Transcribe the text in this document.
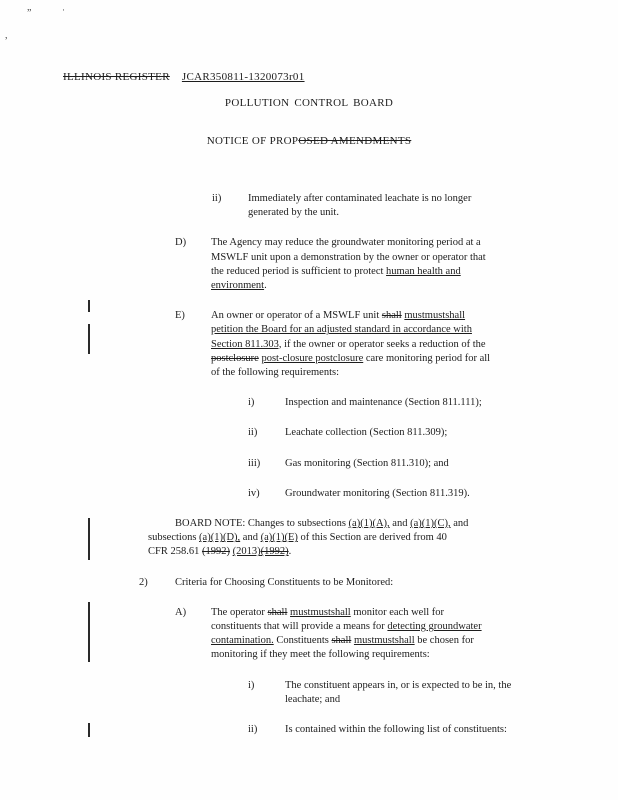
”	·
,
ILLINOIS REGISTER JCAR350811-1320073r01
POLLUTION CONTROL BOARD
NOTICE OF PROPOSED AMENDMENTS
ii)	Immediately after contaminated leachate is no longer
generated by the unit.
D) The Agency may reduce the groundwater monitoring period at a
MSWLF unit upon a demonstration by the owner or operator that
the reduced period is sufficient to protect human health and
environment.
E) An owner or operator of a MSWLF unit shall mustmustshall
petition the Board for an adjusted standard in accordance with
Section 811.303, if the owner or operator seeks a reduction of the
postclosure post-closure postclosure care monitoring period for all
of the following requirements:
i)	Inspection and maintenance (Section 811.111);
ii)	Leachate collection (Section 811.309);
iii) Gas monitoring (Section 811.310); and
iv) Groundwater monitoring (Section 811.319).
BOARD NOTE: Changes to subsections (a)(1)(A), and (a)(1)(C), and
subsections (a)(1)(D), and (a)(1)(E) of this Section are derived from 40
CFR 258.61 (1992) (2013)(1992).
2)	Criteria for Choosing Constituents to be Monitored:
A) The operator shall mustmustshall monitor each well for
constituents that will provide a means for detecting groundwater
contamination. Constituents shall mustmustshall be chosen for
monitoring if they meet the following requirements:
i)	The constituent appears in, or is expected to be in, the
leachate; and
ii)	Is contained within the following list of constituents:
